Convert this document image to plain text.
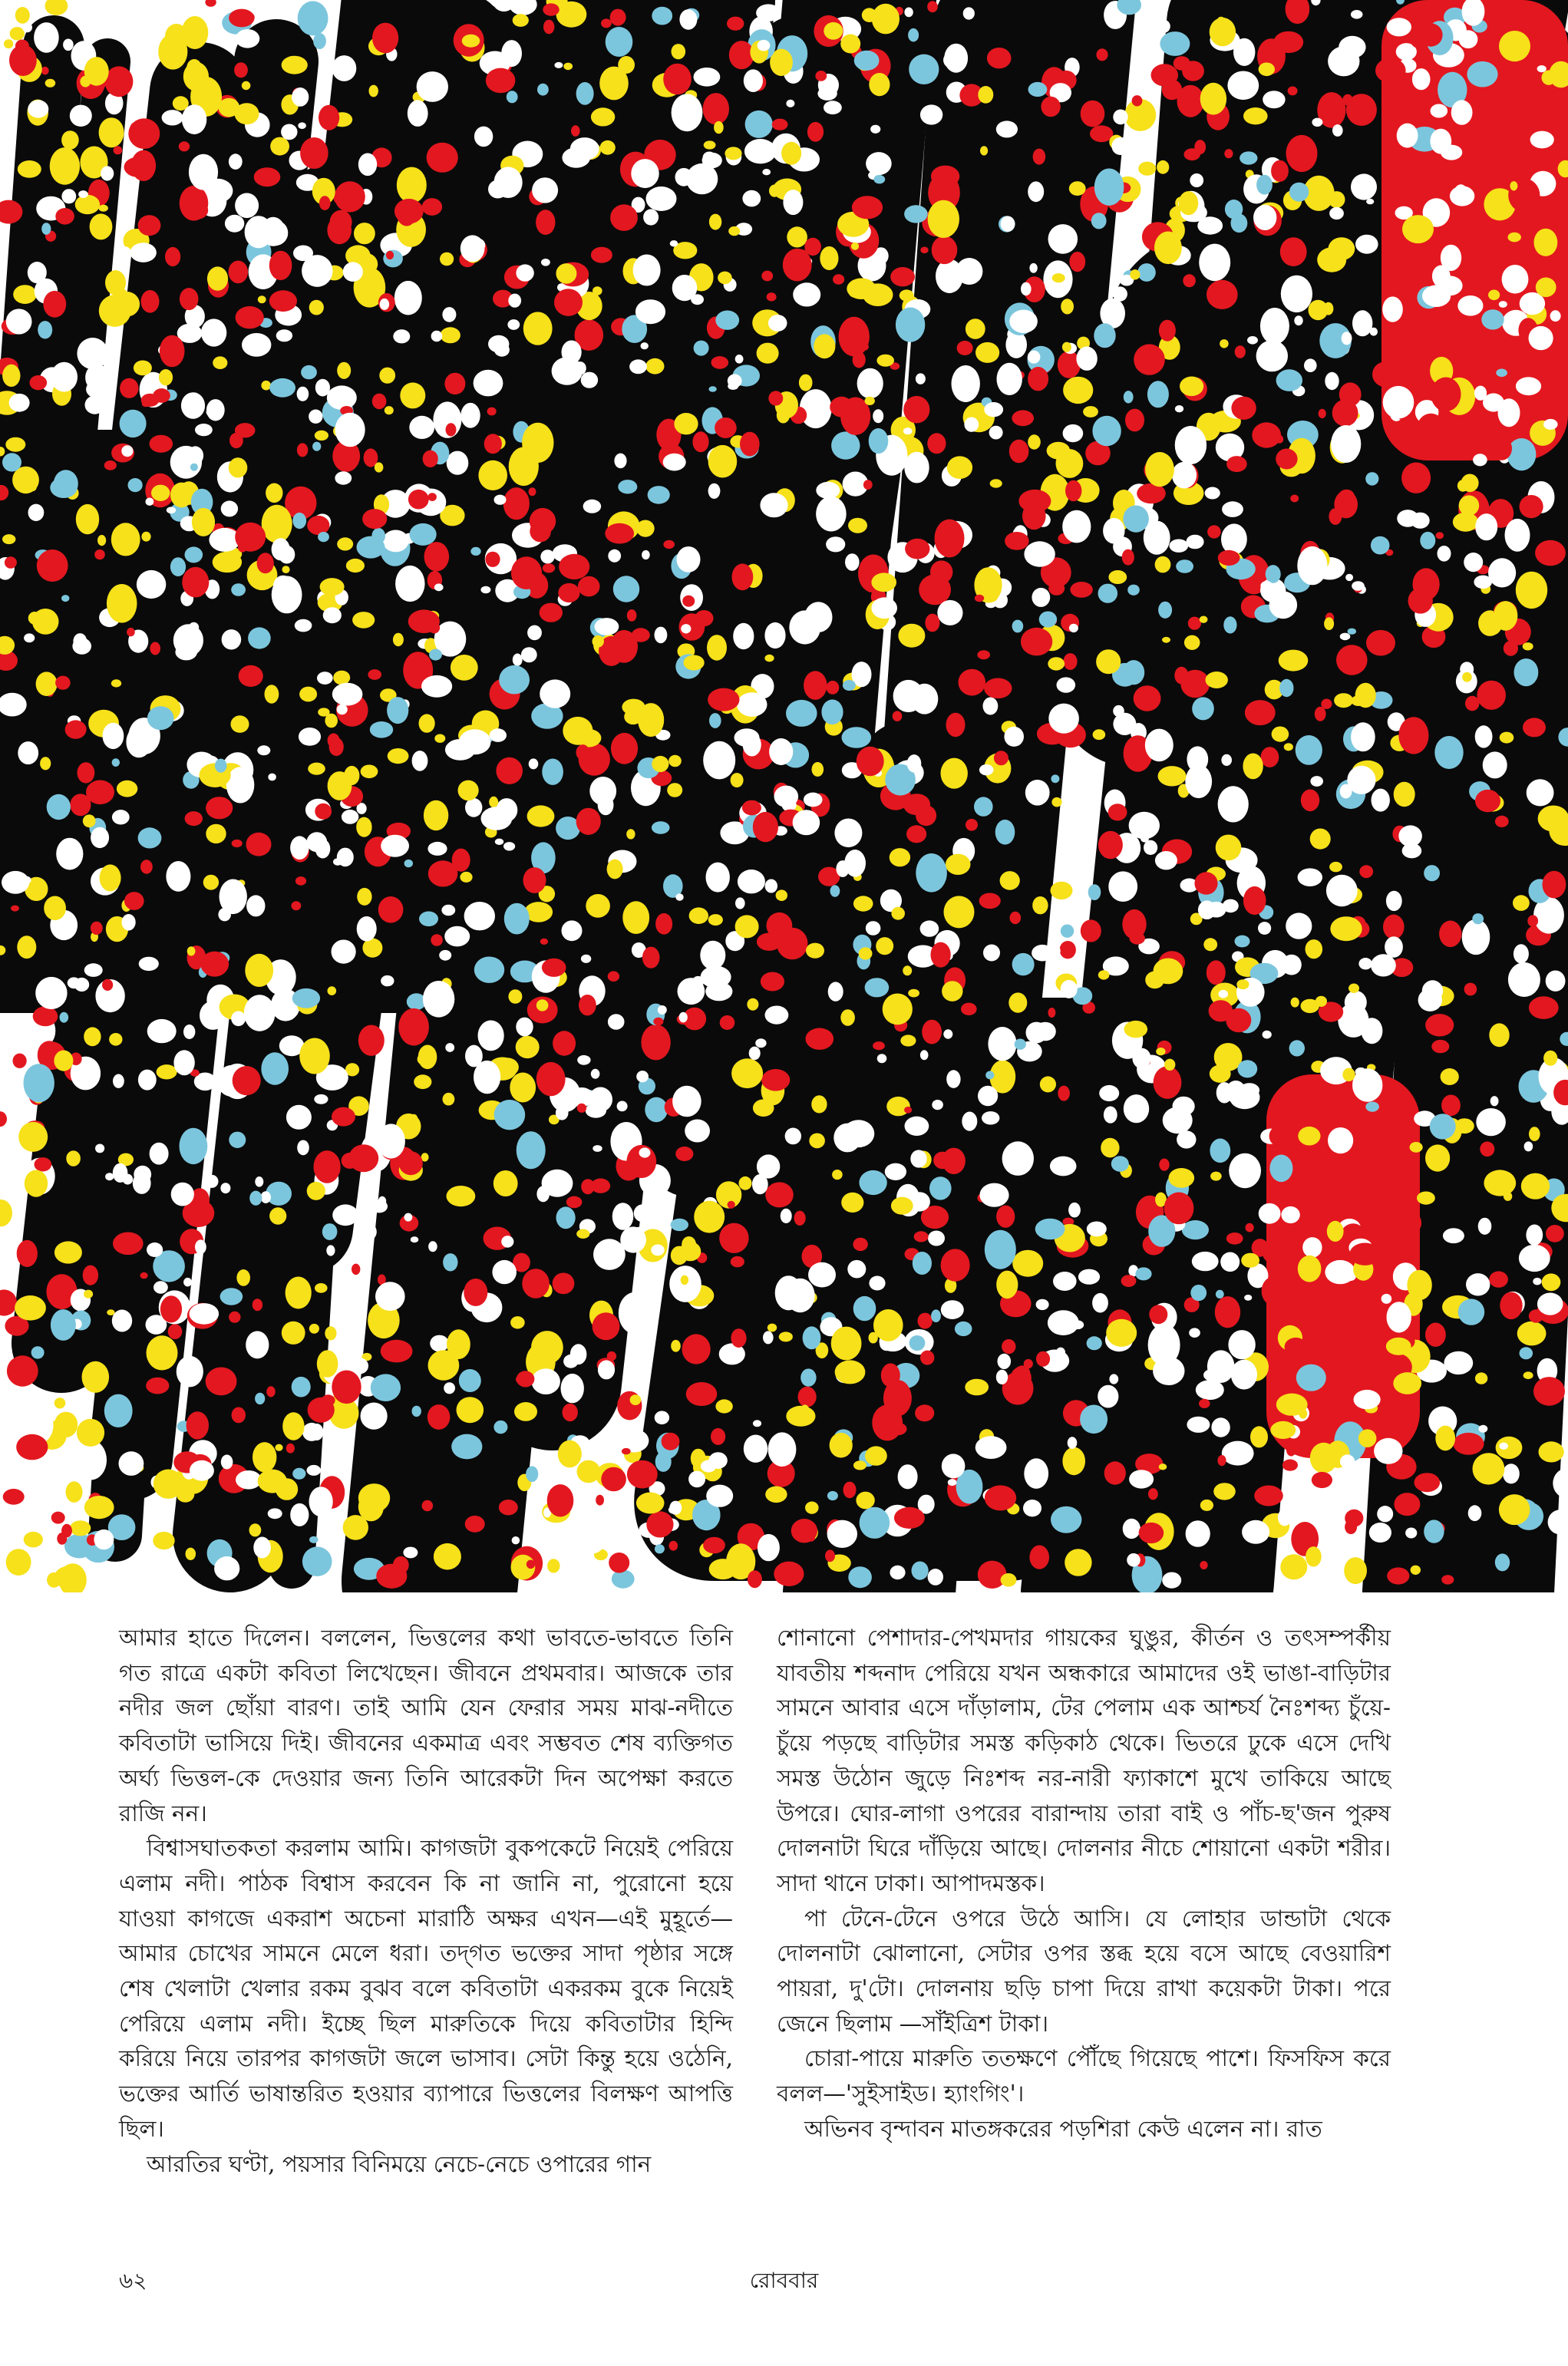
আমার হাতে দিলেন। বললেন, ভিত্তলের কথা ভাবতে-ভাবতে তিনি গত রাত্রে একটা কবিতা লিখেছেন। জীবনে প্রথমবার। আজকে তার নদীর জল ছোঁয়া বারণ। তাই আমি যেন ফেরার সময় মাঝ-নদীতে কবিতাটা ভাসিয়ে দিই। জীবনের একমাত্র এবং সম্ভবত শেষ ব্যক্তিগত অর্ঘ্য ভিত্তল-কে দেওয়ার জন্য তিনি আরেকটা দিন অপেক্ষা করতে রাজি নন।

বিশ্বাসঘাতকতা করলাম আমি। কাগজটা বুকপকেটে নিয়েই পেরিয়ে এলাম নদী। পাঠক বিশ্বাস করবেন কি না জানি না, পুরোনো হয়ে যাওয়া কাগজে একরাশ অচেনা মারাঠি অক্ষর এখন—এই মুহূর্তে—আমার চোখের সামনে মেলে ধরা। তদ্‌গত ভক্তের সাদা পৃষ্ঠার সঙ্গে শেষ খেলাটা খেলার রকম বুঝব বলে কবিতাটা একরকম বুকে নিয়েই পেরিয়ে এলাম নদী। ইচ্ছে ছিল মারুতিকে দিয়ে কবিতাটার হিন্দি করিয়ে নিয়ে তারপর কাগজটা জলে ভাসাব। সেটা কিন্তু হয়ে ওঠেনি, ভক্তের আর্তি ভাষান্তরিত হওয়ার ব্যাপারে ভিত্তলের বিলক্ষণ আপত্তি ছিল।

আরতির ঘণ্টা, পয়সার বিনিময়ে নেচে-নেচে ওপারের গান

শোনানো পেশাদার-পেখমদার গায়কের ঘুঙুর, কীর্তন ও তৎসম্পর্কীয় যাবতীয় শব্দনাদ পেরিয়ে যখন অন্ধকারে আমাদের ওই ভাঙা-বাড়িটার সামনে আবার এসে দাঁড়ালাম, টের পেলাম এক আশ্চর্য নৈঃশব্দ্য চুঁয়ে-চুঁয়ে পড়ছে বাড়িটার সমস্ত কড়িকাঠ থেকে। ভিতরে ঢুকে এসে দেখি সমস্ত উঠোন জুড়ে নিঃশব্দ নর-নারী ফ্যাকাশে মুখে তাকিয়ে আছে উপরে। ঘোর-লাগা ওপরের বারান্দায় তারা বাই ও পাঁচ-ছ'জন পুরুষ দোলনাটা ঘিরে দাঁড়িয়ে আছে। দোলনার নীচে শোয়ানো একটা শরীর। সাদা থানে ঢাকা। আপাদমস্তক।

পা টেনে-টেনে ওপরে উঠে আসি। যে লোহার ডান্ডাটা থেকে দোলনাটা ঝোলানো, সেটার ওপর স্তব্ধ হয়ে বসে আছে বেওয়ারিশ পায়রা, দু'টো। দোলনায় ছড়ি চাপা দিয়ে রাখা কয়েকটা টাকা। পরে জেনে ছিলাম —সাঁইত্রিশ টাকা।

চোরা-পায়ে মারুতি ততক্ষণে পৌঁছে গিয়েছে পাশে। ফিসফিস করে বলল—'সুইসাইড। হ্যাংগিং'।

অভিনব বৃন্দাবন মাতঙ্গকরের পড়শিরা কেউ এলেন না। রাত

৬২	রোববার
